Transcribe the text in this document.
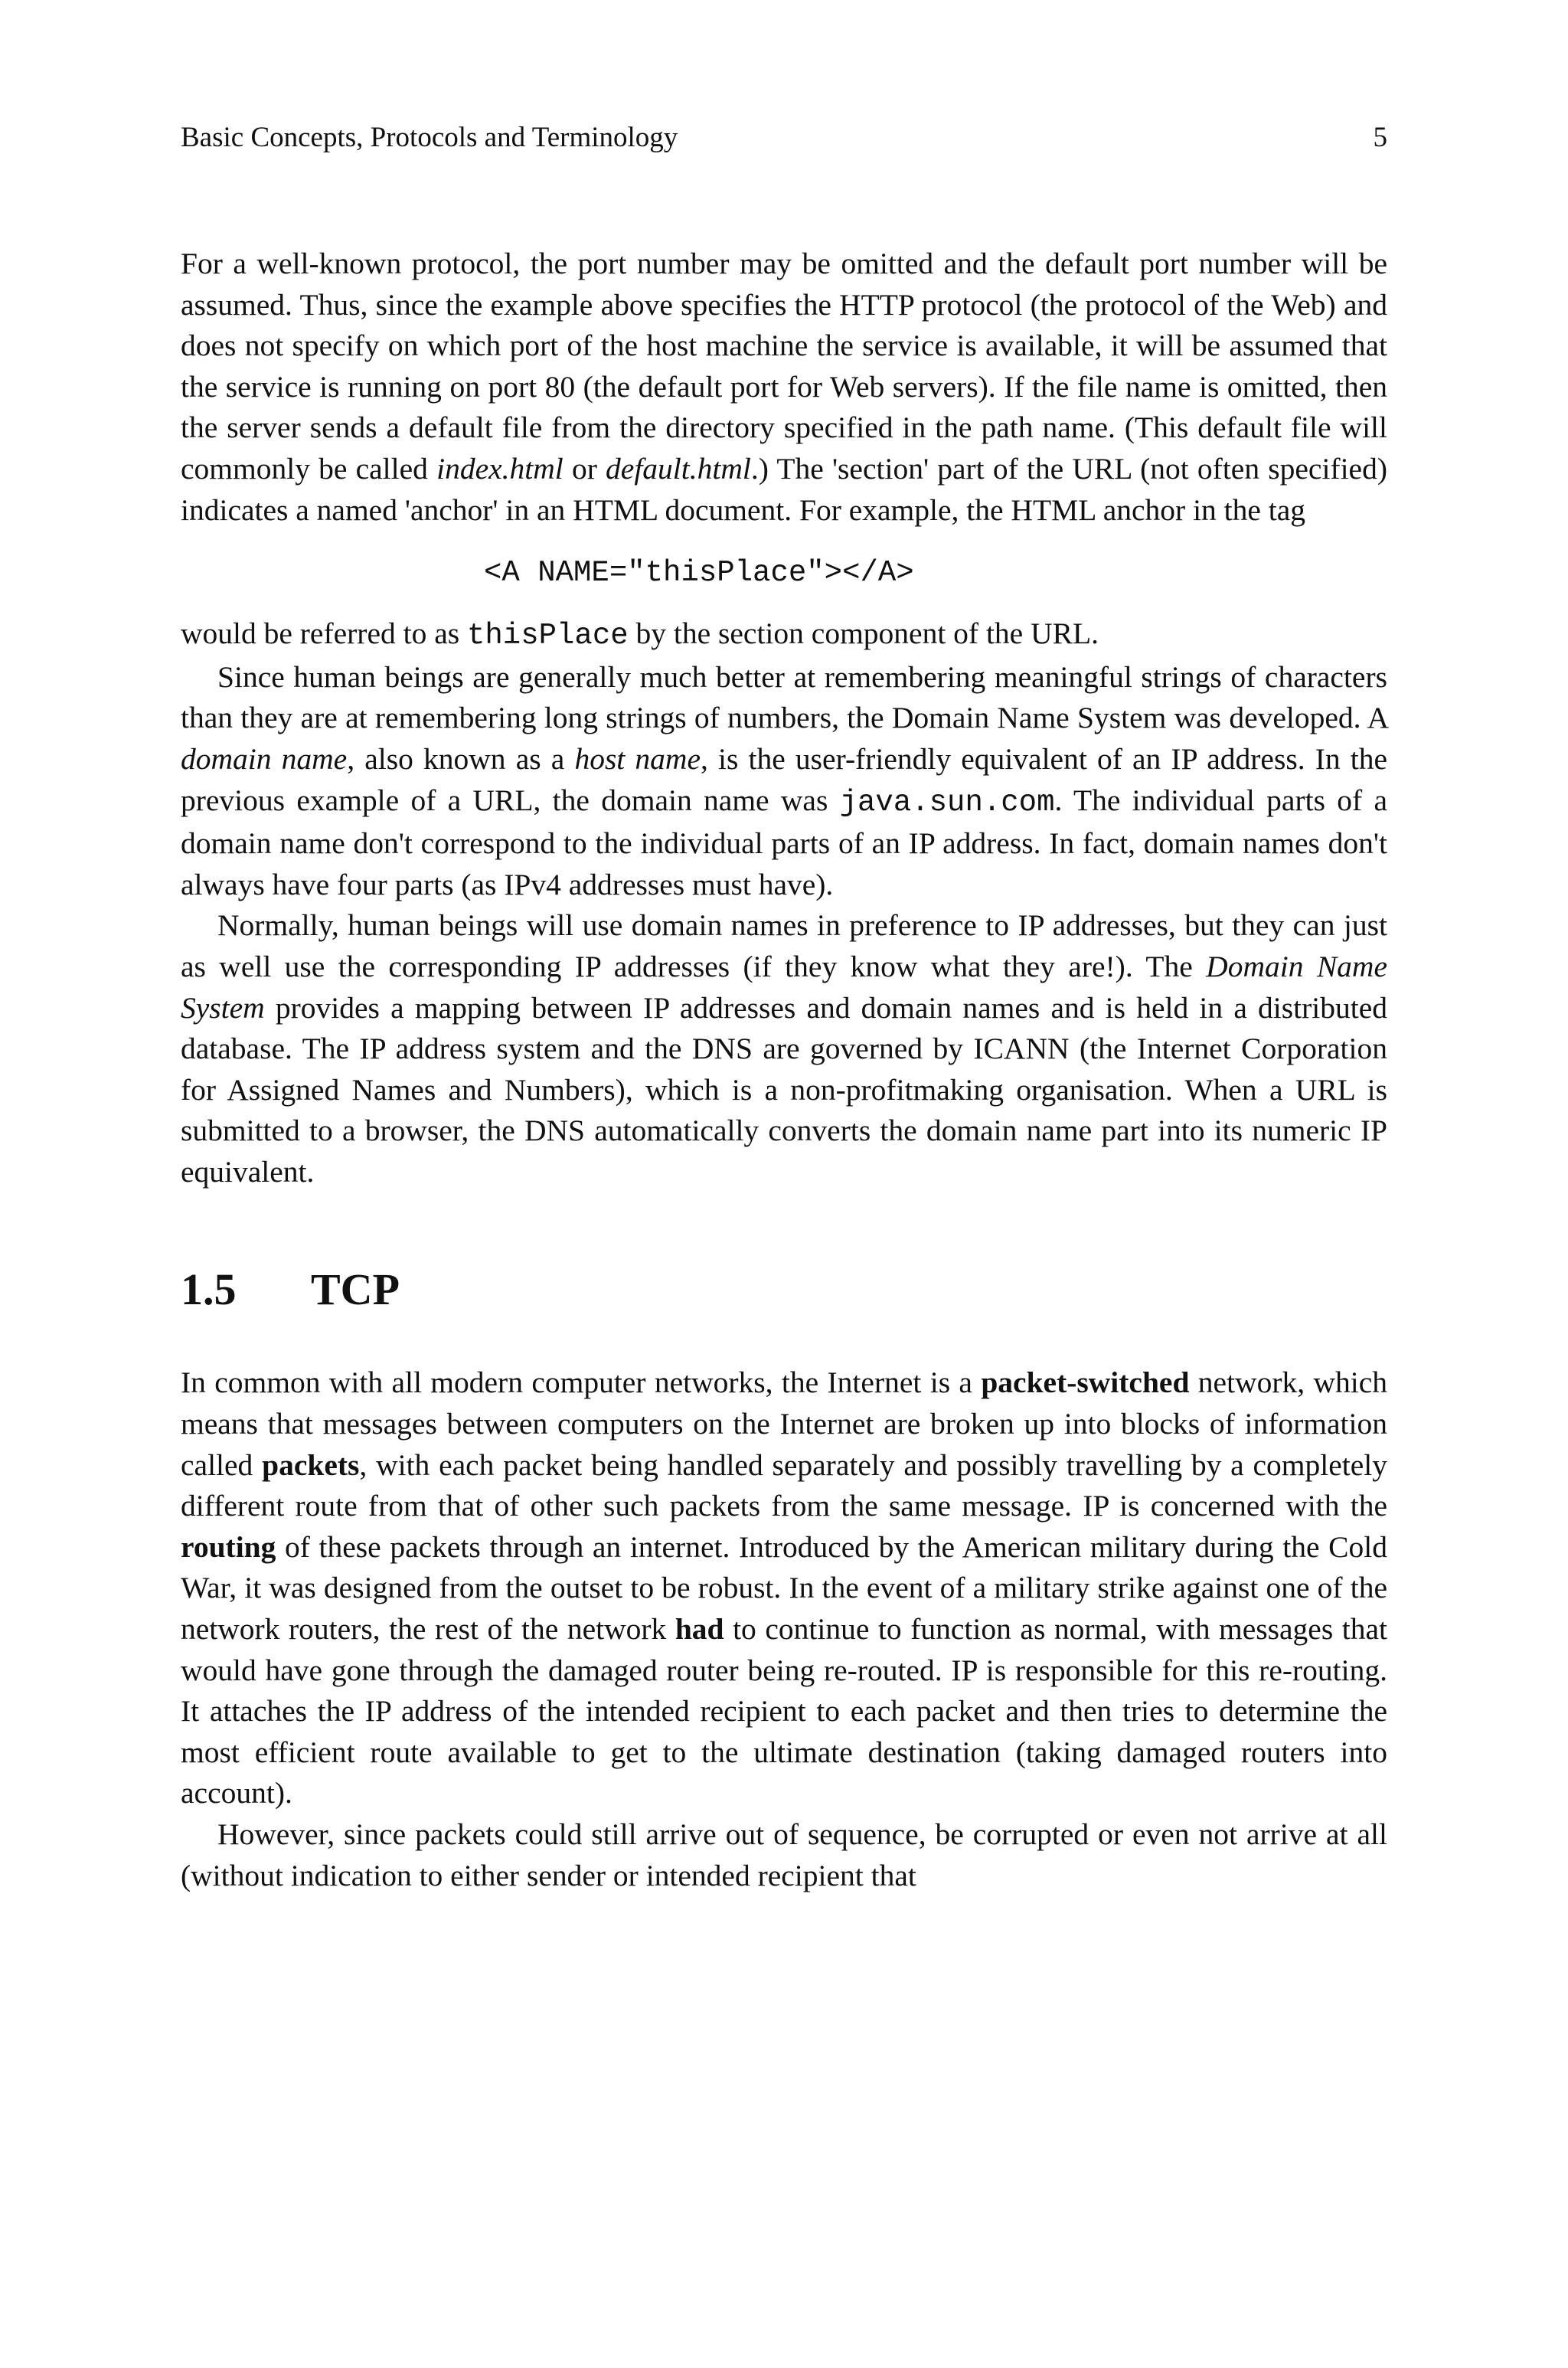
Basic Concepts, Protocols and Terminology	5

For a well-known protocol, the port number may be omitted and the default port number will be assumed. Thus, since the example above specifies the HTTP protocol (the protocol of the Web) and does not specify on which port of the host machine the service is available, it will be assumed that the service is running on port 80 (the default port for Web servers). If the file name is omitted, then the server sends a default file from the directory specified in the path name. (This default file will commonly be called index.html or default.html.) The 'section' part of the URL (not often specified) indicates a named 'anchor' in an HTML document. For example, the HTML anchor in the tag

<A NAME="thisPlace"></A>

would be referred to as thisPlace by the section component of the URL.

Since human beings are generally much better at remembering meaningful strings of characters than they are at remembering long strings of numbers, the Domain Name System was developed. A domain name, also known as a host name, is the user-friendly equivalent of an IP address. In the previous example of a URL, the domain name was java.sun.com. The individual parts of a domain name don't correspond to the individual parts of an IP address. In fact, domain names don't always have four parts (as IPv4 addresses must have).

Normally, human beings will use domain names in preference to IP addresses, but they can just as well use the corresponding IP addresses (if they know what they are!). The Domain Name System provides a mapping between IP addresses and domain names and is held in a distributed database. The IP address system and the DNS are governed by ICANN (the Internet Corporation for Assigned Names and Numbers), which is a non-profitmaking organisation. When a URL is submitted to a browser, the DNS automatically converts the domain name part into its numeric IP equivalent.

1.5 TCP

In common with all modern computer networks, the Internet is a packet-switched network, which means that messages between computers on the Internet are broken up into blocks of information called packets, with each packet being handled separately and possibly travelling by a completely different route from that of other such packets from the same message. IP is concerned with the routing of these packets through an internet. Introduced by the American military during the Cold War, it was designed from the outset to be robust. In the event of a military strike against one of the network routers, the rest of the network had to continue to function as normal, with messages that would have gone through the damaged router being re-routed. IP is responsible for this re-routing. It attaches the IP address of the intended recipient to each packet and then tries to determine the most efficient route available to get to the ultimate destination (taking damaged routers into account).

However, since packets could still arrive out of sequence, be corrupted or even not arrive at all (without indication to either sender or intended recipient that
